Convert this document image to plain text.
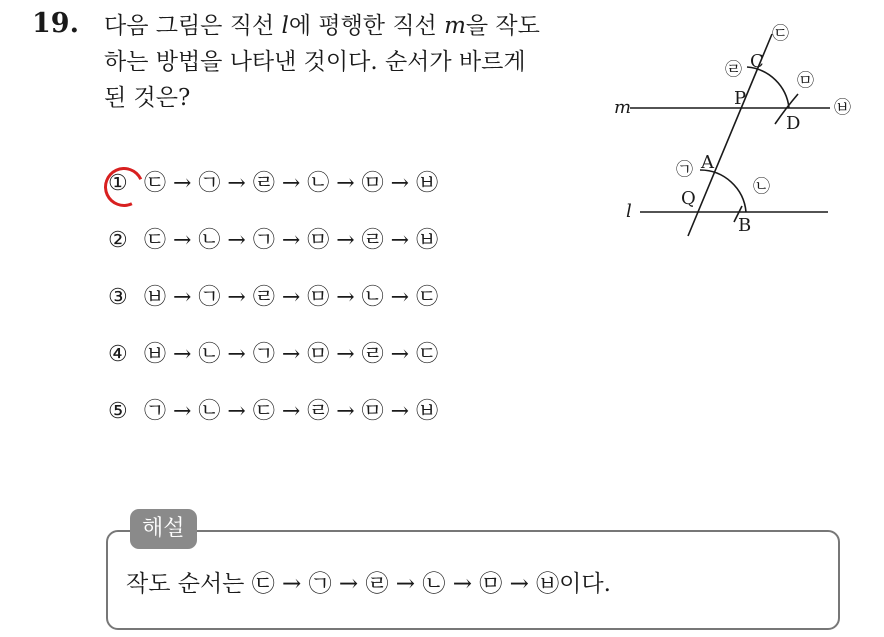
19. 다음 그림은 직선 l에 평행한 직선 m을 작도
하는 방법을 나타낸 것이다. 순서가 바르게
된 것은?
① ㉢ → ㉠ → ㉣ → ㉡ → ㉤ → ㉥
② ㉢ → ㉡ → ㉠ → ㉤ → ㉣ → ㉥
③ ㉥ → ㉠ → ㉣ → ㉤ → ㉡ → ㉢
④ ㉥ → ㉡ → ㉠ → ㉤ → ㉣ → ㉢
⑤ ㉠ → ㉡ → ㉢ → ㉣ → ㉤ → ㉥
m
l
A
B
C
D
P
Q
㉠
㉡
㉢
㉣
㉤
㉥
해설
작도 순서는 ㉢ → ㉠ → ㉣ → ㉡ → ㉤ → ㉥이다.
